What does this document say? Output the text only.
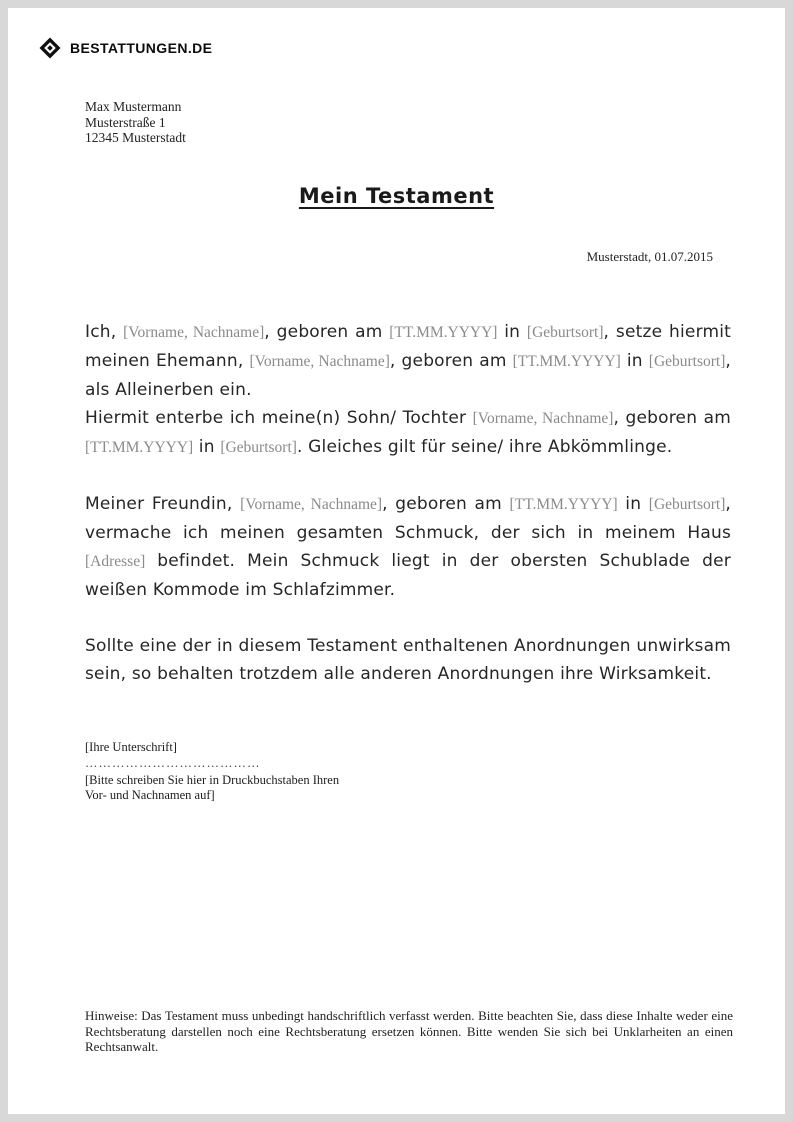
BESTATTUNGEN.DE
Max Mustermann
Musterstraße 1
12345 Musterstadt
Mein Testament
Musterstadt, 01.07.2015

Ich, [Vorname, Nachname], geboren am [TT.MM.YYYY] in [Geburtsort], setze hiermit meinen Ehemann, [Vorname, Nachname], geboren am [TT.MM.YYYY] in [Geburtsort], als Alleinerben ein.
Hiermit enterbe ich meine(n) Sohn/ Tochter [Vorname, Nachname], geboren am [TT.MM.YYYY] in [Geburtsort]. Gleiches gilt für seine/ ihre Abkömmlinge.

Meiner Freundin, [Vorname, Nachname], geboren am [TT.MM.YYYY] in [Geburtsort], vermache ich meinen gesamten Schmuck, der sich in meinem Haus [Adresse] befindet. Mein Schmuck liegt in der obersten Schublade der weißen Kommode im Schlafzimmer.

Sollte eine der in diesem Testament enthaltenen Anordnungen unwirksam sein, so behalten trotzdem alle anderen Anordnungen ihre Wirksamkeit.

[Ihre Unterschrift]
…………………………………
[Bitte schreiben Sie hier in Druckbuchstaben Ihren
Vor- und Nachnamen auf]
Hinweise: Das Testament muss unbedingt handschriftlich verfasst werden. Bitte beachten Sie, dass diese Inhalte weder eine Rechtsberatung darstellen noch eine Rechtsberatung ersetzen können. Bitte wenden Sie sich bei Unklarheiten an einen Rechtsanwalt.
